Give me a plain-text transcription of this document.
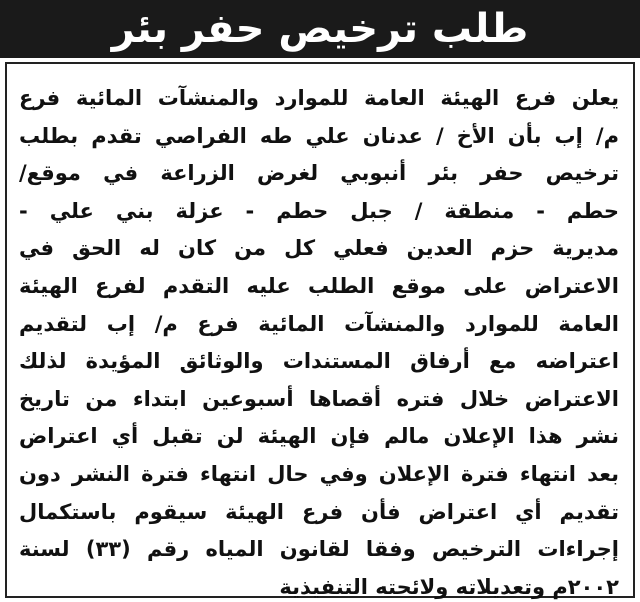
طلب ترخيص حفر بئر
يعلن فرع الهيئة العامة للموارد والمنشآت المائية فرع
م/ إب بأن الأخ / عدنان علي طه الفراصي تقدم بطلب
ترخيص حفر بئر أنبوبي لغرض الزراعة في موقع/
حطم - منطقة / جبل حطم - عزلة بني علي -
مديرية حزم العدين فعلي كل من كان له الحق في
الاعتراض على موقع الطلب عليه التقدم لفرع الهيئة
العامة للموارد والمنشآت المائية فرع م/ إب لتقديم
اعتراضه مع أرفاق المستندات والوثائق المؤيدة لذلك
الاعتراض خلال فتره أقصاها أسبوعين ابتداء من تاريخ
نشر هذا الإعلان مالم فإن الهيئة لن تقبل أي اعتراض
بعد انتهاء فترة الإعلان وفي حال انتهاء فترة النشر دون
تقديم أي اعتراض فأن فرع الهيئة سيقوم باستكمال
إجراءات الترخيص وفقا لقانون المياه رقم (٣٣) لسنة
٢٠٠٢م وتعديلاته ولائحته التنفيذية
